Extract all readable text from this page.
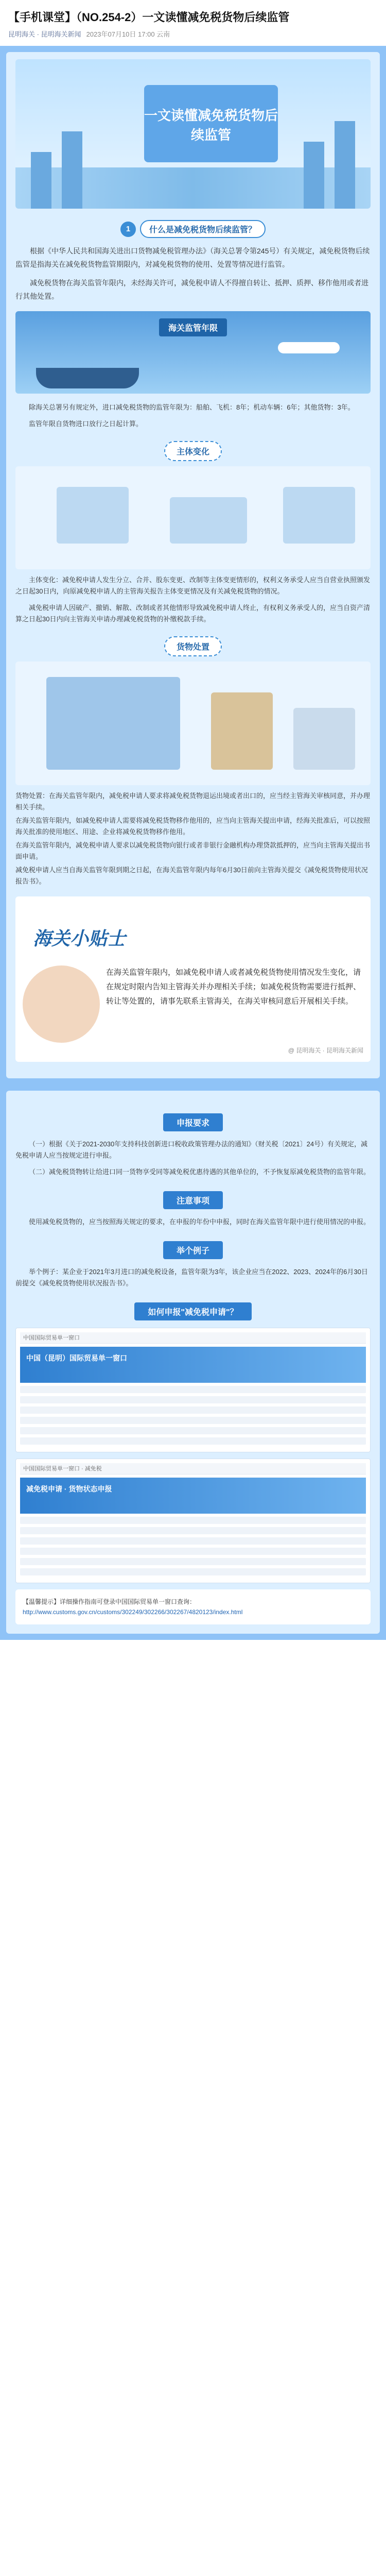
【手机课堂】（NO.254-2）一文读懂减免税货物后续监管
昆明海关 · 昆明海关新闻 2023年07月10日 17:00 云南
一文读懂减免税货物后续监管
1	什么是减免税货物后续监管？

根据《中华人民共和国海关进出口货物减免税管理办法》（海关总署令第245号）有关规定，减免税货物后续监管是指海关在减免税货物监管期限内，对减免税货物的使用、处置等情况进行监管。

减免税货物在海关监管年限内，未经海关许可，减免税申请人不得擅自转让、抵押、质押、移作他用或者进行其他处置。

海关监管年限

除海关总署另有规定外，进口减免税货物的监管年限为：船舶、飞机：8年；机动车辆：6年；其他货物：3年。

监管年限自货物进口放行之日起计算。

主体变化

主体变化：减免税申请人发生分立、合并、股东变更、改制等主体变更情形的，权利义务承受人应当自营业执照颁发之日起30日内，向原减免税申请人的主管海关报告主体变更情况及有关减免税货物的情况。

减免税申请人因破产、撤销、解散、改制或者其他情形导致减免税申请人终止，有权利义务承受人的，应当自资产清算之日起30日内向主管海关申请办理减免税货物的补缴税款手续。

货物处置

货物处置：在海关监管年限内，减免税申请人要求将减免税货物退运出境或者出口的，应当经主管海关审核同意，并办理相关手续。

在海关监管年限内，如减免税申请人需要将减免税货物移作他用的，应当向主管海关提出申请，经海关批准后，可以按照海关批准的使用地区、用途、企业将减免税货物移作他用。

在海关监管年限内，减免税申请人要求以减免税货物向银行或者非银行金融机构办理贷款抵押的，应当向主管海关提出书面申请。

减免税申请人应当自海关监管年限到期之日起，在海关监管年限内每年6月30日前向主管海关提交《减免税货物使用状况报告书》。

海关小贴士

在海关监管年限内，如减免税申请人或者减免税货物使用情况发生变化，请在规定时限内告知主管海关并办理相关手续；如减免税货物需要进行抵押、转让等处置的，请事先联系主管海关，在海关审核同意后开展相关手续。

@ 昆明海关 · 昆明海关新闻
申报要求

（一）根据《关于2021-2030年支持科技创新进口税收政策管理办法的通知》（财关税〔2021〕24号）有关规定，减免税申请人应当按规定进行申报。

（二）减免税货物转让给进口同一货物享受同等减免税优惠待遇的其他单位的，不予恢复原减免税货物的监管年限。

注意事项

使用减免税货物的，应当按照海关规定的要求，在申报的年份中申报，同时在海关监管年限中进行使用情况的申报。

举个例子

举个例子：某企业于2021年3月进口的减免税设备，监管年限为3年，该企业应当在2022、2023、2024年的6月30日前提交《减免税货物使用状况报告书》。

如何申报"减免税申请"？
中国国际贸易单一窗口
中国（昆明）国际贸易单一窗口
中国国际贸易单一窗口 · 减免税
减免税申请 · 货物状态申报

【温馨提示】详细操作指南可登录中国国际贸易单一窗口查询：

http://www.customs.gov.cn/customs/302249/302266/302267/4820123/index.html
